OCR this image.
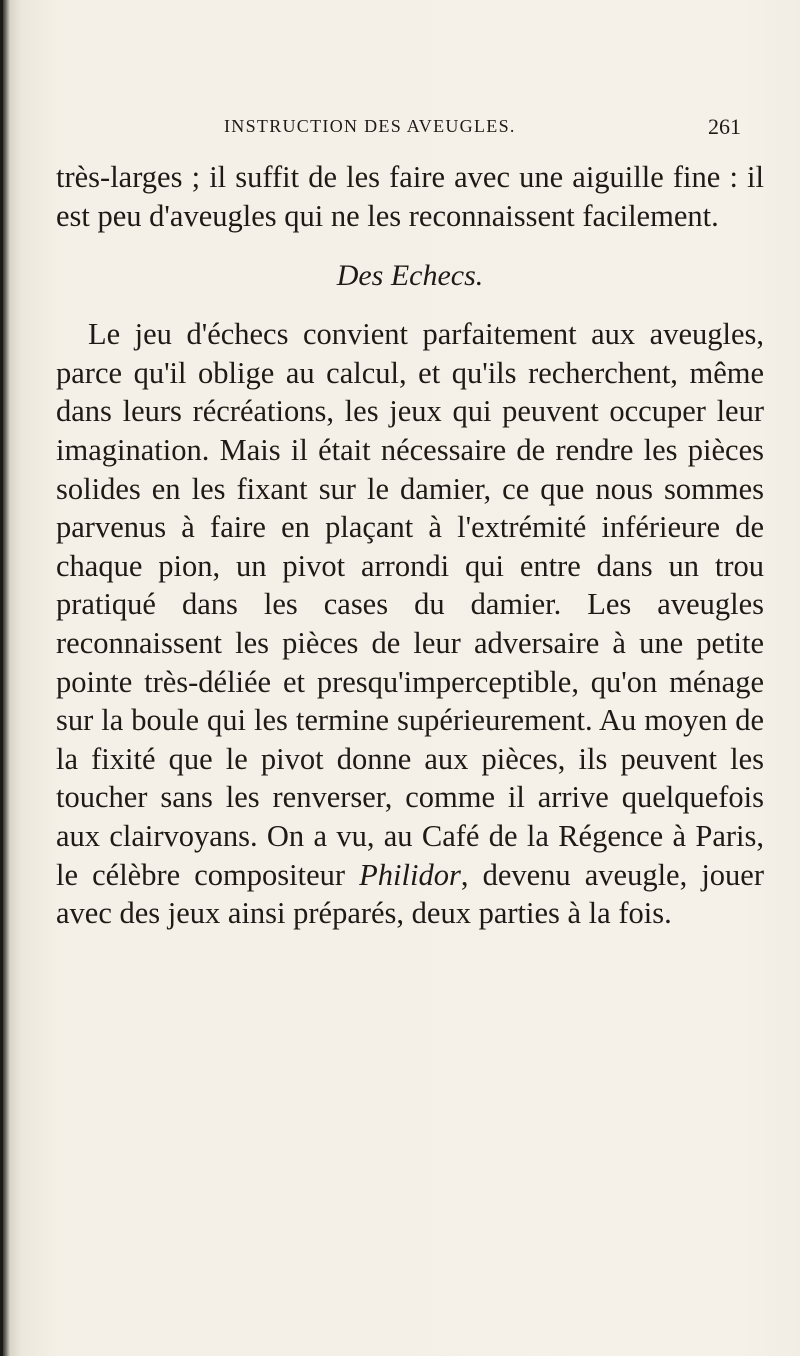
INSTRUCTION DES AVEUGLES.	261

très-larges ; il suffit de les faire avec une aiguille fine : il est peu d'aveugles qui ne les reconnaissent facilement.

Des Echecs.

Le jeu d'échecs convient parfaitement aux aveugles, parce qu'il oblige au calcul, et qu'ils recherchent, même dans leurs récréations, les jeux qui peuvent occuper leur imagination. Mais il était nécessaire de rendre les pièces solides en les fixant sur le damier, ce que nous sommes parvenus à faire en plaçant à l'extrémité inférieure de chaque pion, un pivot arrondi qui entre dans un trou pratiqué dans les cases du damier. Les aveugles reconnaissent les pièces de leur adversaire à une petite pointe très-déliée et presqu'imperceptible, qu'on ménage sur la boule qui les termine supérieurement. Au moyen de la fixité que le pivot donne aux pièces, ils peuvent les toucher sans les renverser, comme il arrive quelquefois aux clairvoyans. On a vu, au Café de la Régence à Paris, le célèbre compositeur Philidor, devenu aveugle, jouer avec des jeux ainsi préparés, deux parties à la fois.
